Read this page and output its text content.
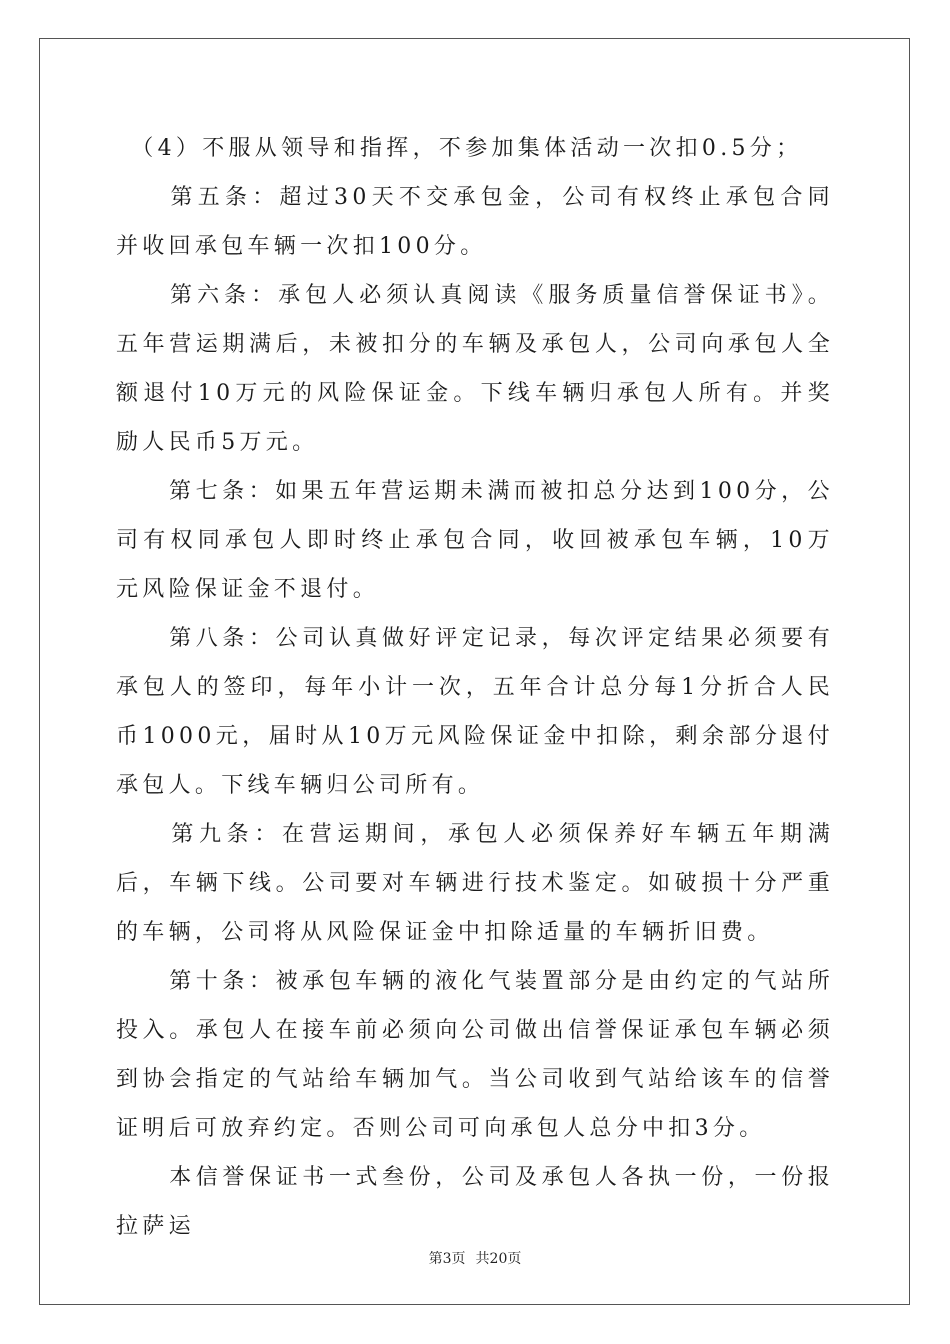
　（4）不服从领导和指挥，不参加集体活动一次扣0.5分；

　　第五条：超过30天不交承包金，公司有权终止承包合同并收回承包车辆一次扣100分。

　　第六条：承包人必须认真阅读《服务质量信誉保证书》。五年营运期满后，未被扣分的车辆及承包人，公司向承包人全额退付10万元的风险保证金。下线车辆归承包人所有。并奖励人民币5万元。

　　第七条：如果五年营运期未满而被扣总分达到100分，公司有权同承包人即时终止承包合同，收回被承包车辆，10万元风险保证金不退付。

　　第八条：公司认真做好评定记录，每次评定结果必须要有承包人的签印，每年小计一次，五年合计总分每1分折合人民币1000元，届时从10万元风险保证金中扣除，剩余部分退付承包人。下线车辆归公司所有。

　　第九条：在营运期间，承包人必须保养好车辆五年期满后，车辆下线。公司要对车辆进行技术鉴定。如破损十分严重的车辆，公司将从风险保证金中扣除适量的车辆折旧费。

　　第十条：被承包车辆的液化气装置部分是由约定的气站所投入。承包人在接车前必须向公司做出信誉保证承包车辆必须到协会指定的气站给车辆加气。当公司收到气站给该车的信誉证明后可放弃约定。否则公司可向承包人总分中扣3分。

　　本信誉保证书一式叁份，公司及承包人各执一份，一份报拉萨运

第3页 共20页
